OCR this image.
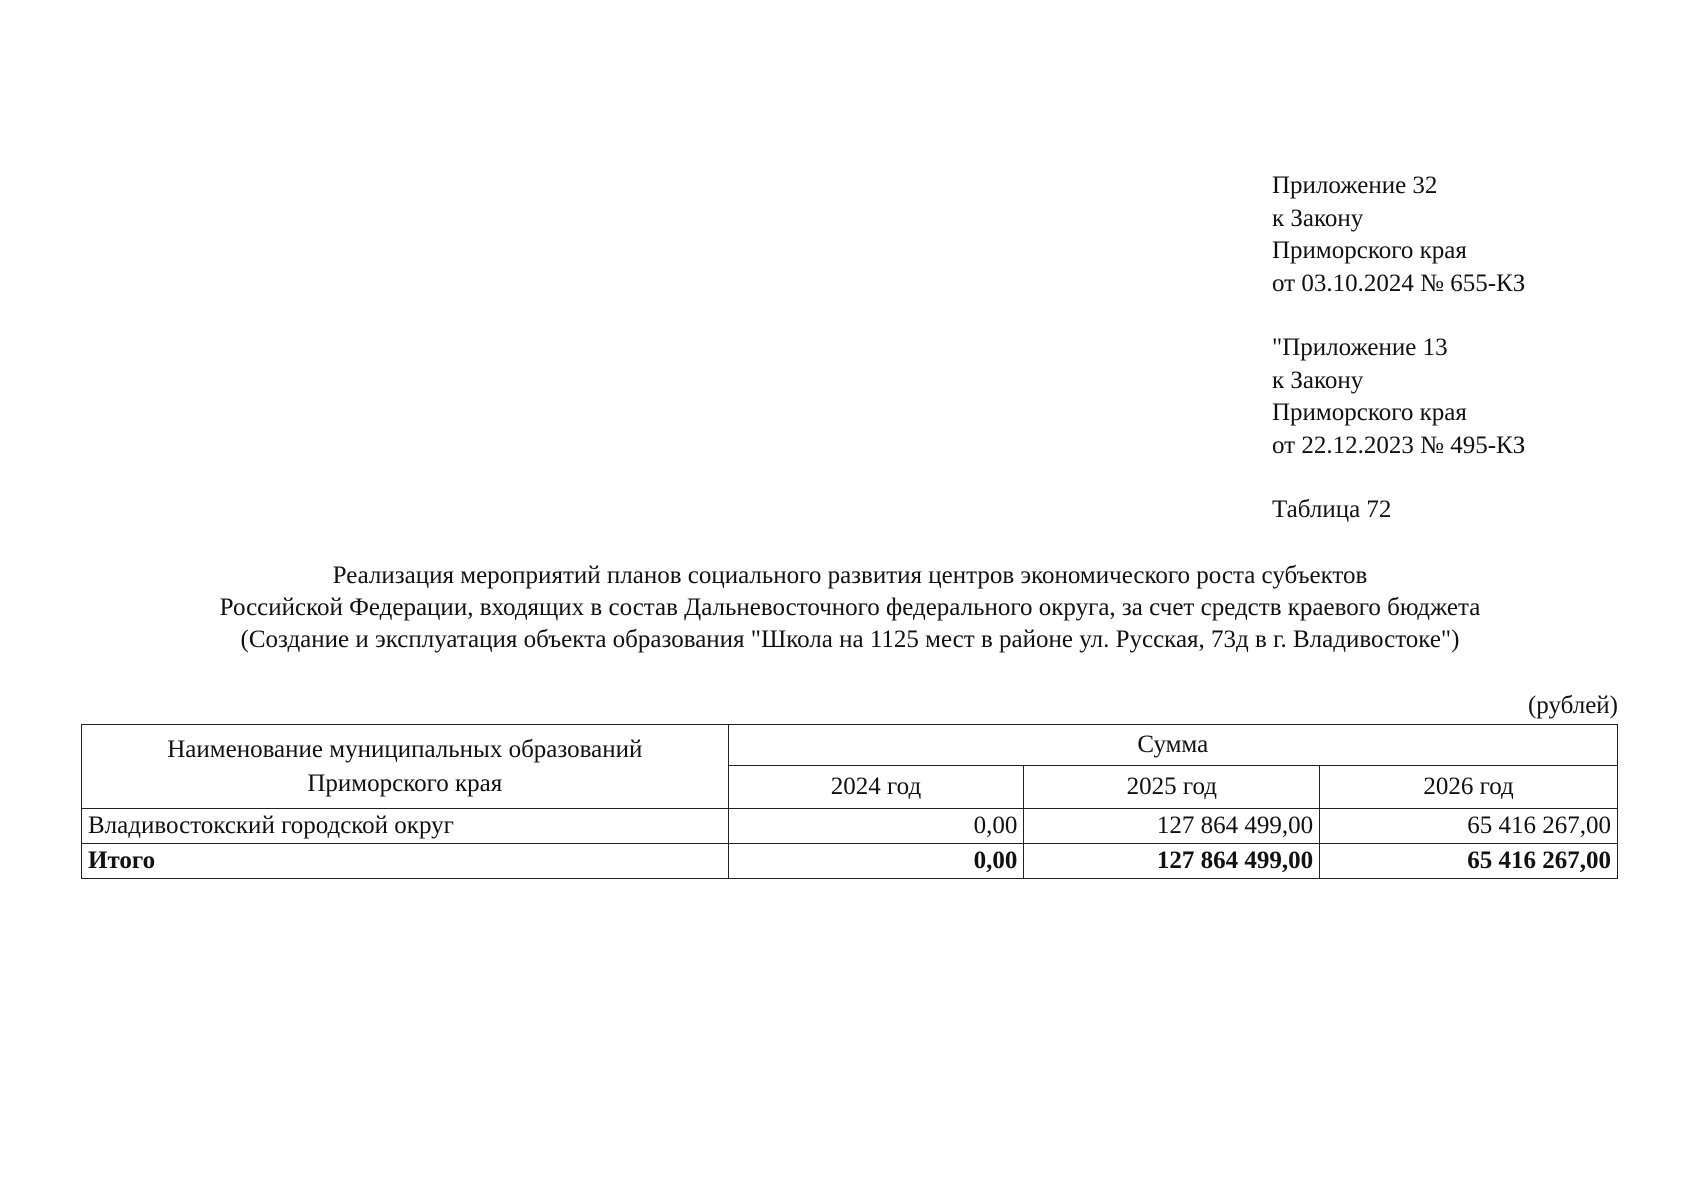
Приложение 32
к Закону
Приморского края
от 03.10.2024 № 655-КЗ
"Приложение 13
к Закону
Приморского края
от 22.12.2023 № 495-КЗ
Таблица 72
Реализация мероприятий планов социального развития центров экономического роста субъектов
Российской Федерации, входящих в состав Дальневосточного федерального округа, за счет средств краевого бюджета
(Создание и эксплуатация объекта образования "Школа на 1125 мест в районе ул. Русская, 73д в г. Владивостоке")
(рублей)
Наименование муниципальных образований
Приморского края	Сумма		
	2024 год	2025 год	2026 год
Владивостокский городской округ	0,00	127 864 499,00	65 416 267,00
Итого	0,00	127 864 499,00	65 416 267,00
